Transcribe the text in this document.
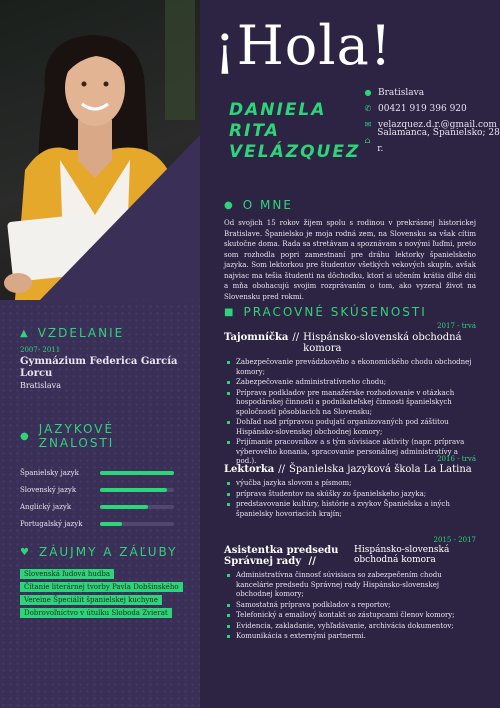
¡Hola!
DANIELA
RITA
VELÁZQUEZ
● Bratislava
✆ 00421 919 396 920
✉ velazquez.d.r.@gmail.com
⌂
Salamanca, Španielsko; 28 r.
● O MNE
Od svojich 15 rokov žijem spolu s rodinou v prekrásnej historickej Bratislave. Španielsko je moja rodná zem, na Slovensku sa však cítim skutočne doma. Rada sa stretávam a spoznávam s novými ľuďmi, preto som rozhodla popri zamestnaní pre dráhu lektorky španielskeho jazyka. Som lektorkou pre študentov všetkých vekových skupín, avšak najviac ma tešia študenti na dôchodku, ktorí si učením krátia dlhé dni a mňa obohacujú svojim rozprávaním o tom, ako vyzeral život na Slovensku pred rokmi.
■ PRACOVNÉ SKÚSENOSTI
2017 - trvá
Tajomníčka // Hispánsko-slovenská obchodná komora
Zabezpečovanie prevádzkového a ekonomického chodu obchodnej komory;
Zabezpečovanie administratívneho chodu;
Príprava podkladov pre manažérske rozhodovanie v otázkach hospodárskej činnosti a podnikateľskej činnosti španielskych spoločností pôsobiacich na Slovensku;
Dohľad nad prípravou podujatí organizovaných pod záštitou Hispánsko-slovenskej obchodnej komory;
Prijímanie pracovníkov a s tým súvisiace aktivity (napr. príprava výberového konania, spracovanie personálnej administratívy a pod.).	2016 - trvá
Lektorka // Španielska jazyková škola La Latina
výučba jazyka slovom a písmom;
príprava študentov na skúšky zo španielskeho jazyka;
predstavovanie kultúry, histórie a zvykov Španielska a iných španielsky hovoriacich krajín;
2015 - 2017
Asistentka predsedu Správnej rady //
Hispánsko-slovenská obchodná komora
Administratívna činnosť súvisiaca so zabezpečením chodu kancelárie predsedu Správnej rady Hispánsko-slovenskej obchodnej komory;
Samostatná príprava podkladov a reportov;
Telefonický a emailový kontakt so zástupcami členov komory;
Evidencia, zakladanie, vyhľadávanie, archivácia dokumentov;
Komunikácia s externými partnermi.
▲ VZDELANIE
2007- 2011
Gymnázium Federica García Lorcu
Bratislava
● JAZYKOVÉ ZNALOSTI
Španielsky jazyk
Slovenský jazyk
Anglický jazyk
Portugalský jazyk
♥ ZÁUJMY A ZÁĽUBY
Slovenská ľudová hudba
Čítanie literárnej tvorby Pavla Dobšinského
Vereine Špeciálit španielskej kuchyne
Dobrovoľníctvo v útulku Sloboda Zvierat
